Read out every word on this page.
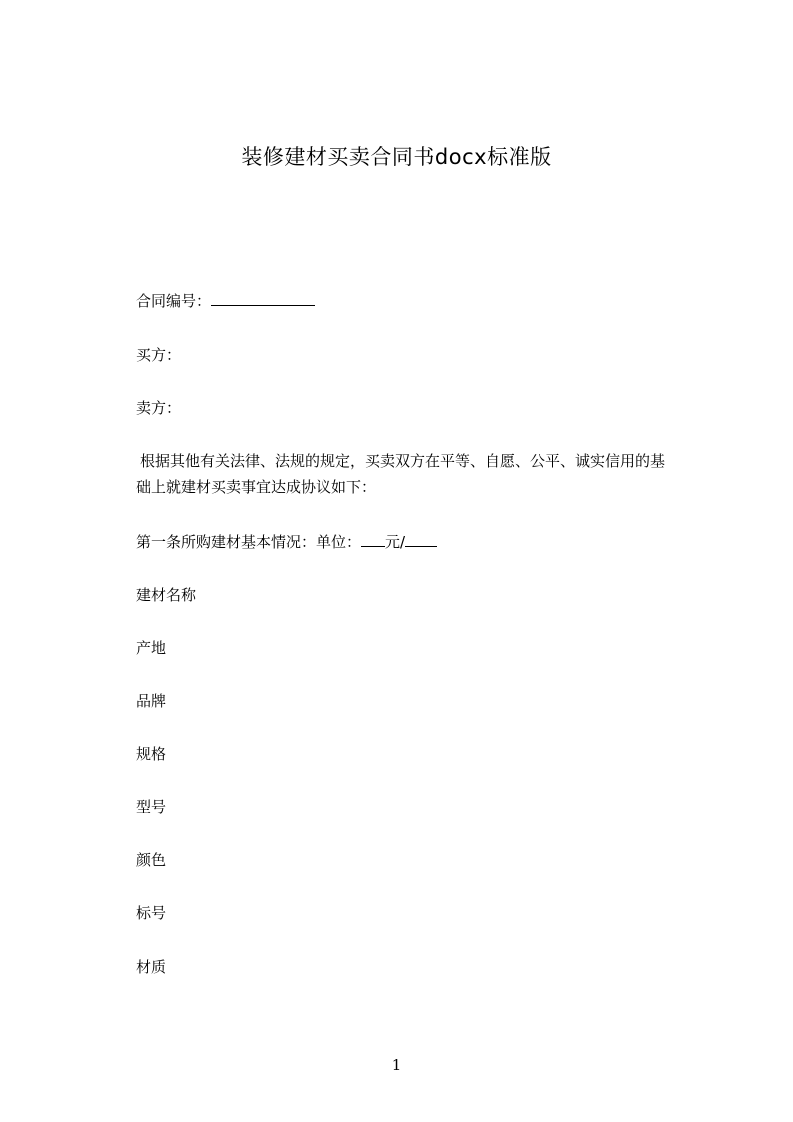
装修建材买卖合同书docx标准版
合同编号：
买方：
卖方：
根据其他有关法律、法规的规定，买卖双方在平等、自愿、公平、诚实信用的基
础上就建材买卖事宜达成协议如下：
第一条所购建材基本情况：单位： 元/
建材名称
产地
品牌
规格
型号
颜色
标号
材质
1
